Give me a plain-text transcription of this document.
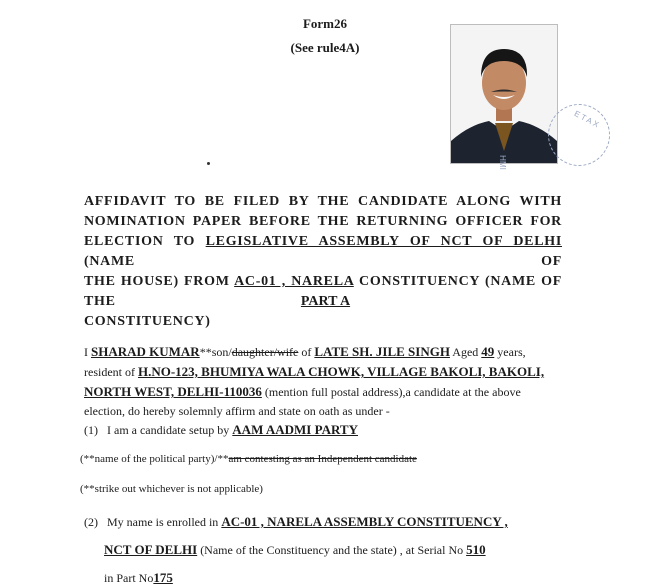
Form26
(See rule4A)
ETAX
HMI

AFFIDAVIT TO BE FILED BY THE CANDIDATE ALONG WITH

NOMINATION PAPER BEFORE THE RETURNING OFFICER FOR

ELECTION TO LEGISLATIVE ASSEMBLY OF NCT OF DELHI (NAME OF

THE HOUSE) FROM AC-01 , NARELA CONSTITUENCY (NAME OF THE

CONSTITUENCY)

PART A
I SHARAD KUMAR**son/daughter/wife of LATE SH. JILE SINGH Aged 49 years,
resident of H.NO-123, BHUMIYA WALA CHOWK, VILLAGE BAKOLI, BAKOLI,
NORTH WEST, DELHI-110036 (mention full postal address),a candidate at the above
election, do hereby solemnly affirm and state on oath as under -
(1) I am a candidate setup by AAM AADMI PARTY
(**name of the political party)/**am contesting as an Independent candidate
(**strike out whichever is not applicable)
(2) My name is enrolled in AC-01 , NARELA ASSEMBLY CONSTITUENCY ,
NCT OF DELHI (Name of the Constituency and the state) , at Serial No 510
in Part No175
